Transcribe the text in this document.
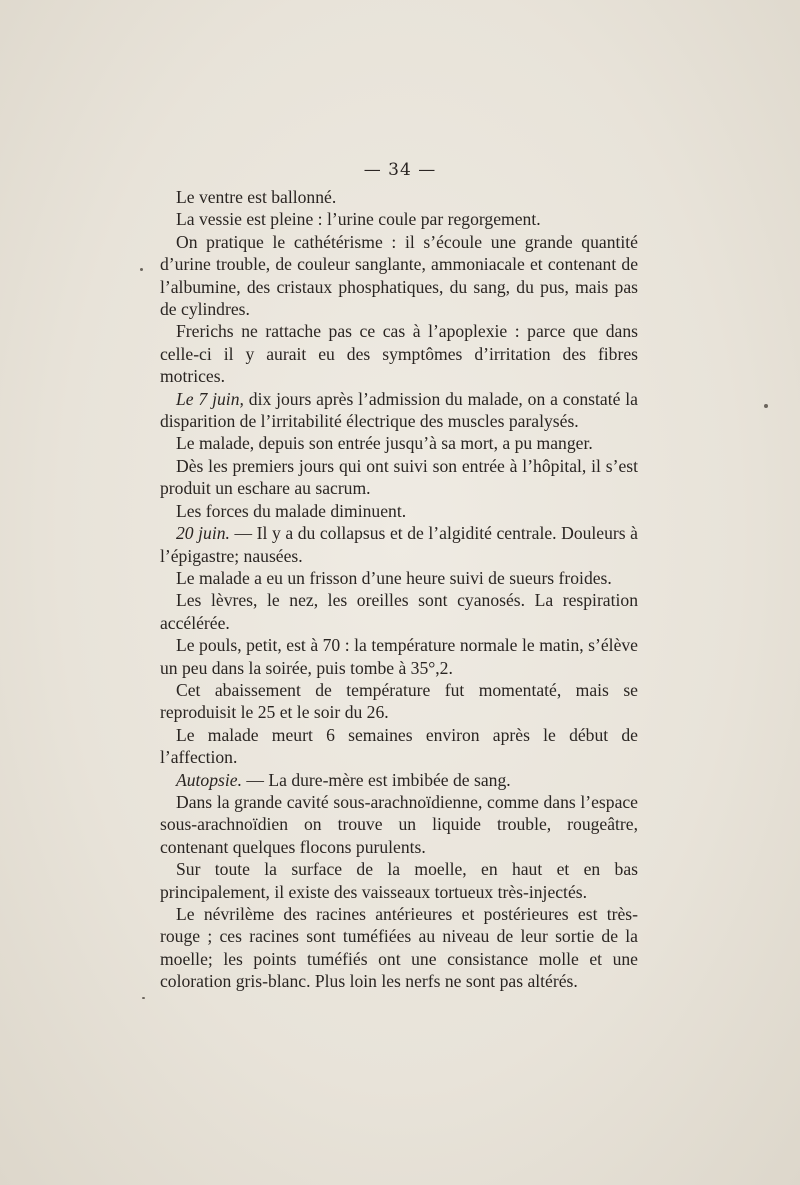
— 34 —

Le ventre est ballonné.

La vessie est pleine : l’urine coule par regorgement.

On pratique le cathétérisme : il s’écoule une grande quantité d’urine trouble, de couleur sanglante, ammoniacale et contenant de l’albumine, des cristaux phosphatiques, du sang, du pus, mais pas de cylindres.

Frerichs ne rattache pas ce cas à l’apoplexie : parce que dans celle-ci il y aurait eu des symptômes d’irritation des fibres motrices.

Le 7 juin, dix jours après l’admission du malade, on a constaté la disparition de l’irritabilité électrique des muscles paralysés.

Le malade, depuis son entrée jusqu’à sa mort, a pu manger.

Dès les premiers jours qui ont suivi son entrée à l’hôpital, il s’est produit un eschare au sacrum.

Les forces du malade diminuent.

20 juin. — Il y a du collapsus et de l’algidité centrale. Douleurs à l’épigastre; nausées.

Le malade a eu un frisson d’une heure suivi de sueurs froides.

Les lèvres, le nez, les oreilles sont cyanosés. La respiration accélérée.

Le pouls, petit, est à 70 : la température normale le matin, s’élève un peu dans la soirée, puis tombe à 35°,2.

Cet abaissement de température fut momentaté, mais se reproduisit le 25 et le soir du 26.

Le malade meurt 6 semaines environ après le début de l’affection.

Autopsie. — La dure-mère est imbibée de sang.

Dans la grande cavité sous-arachnoïdienne, comme dans l’espace sous-arachnoïdien on trouve un liquide trouble, rougeâtre, contenant quelques flocons purulents.

Sur toute la surface de la moelle, en haut et en bas principalement, il existe des vaisseaux tortueux très-injectés.

Le névrilème des racines antérieures et postérieures est très-rouge ; ces racines sont tuméfiées au niveau de leur sortie de la moelle; les points tuméfiés ont une consistance molle et une coloration gris-blanc. Plus loin les nerfs ne sont pas altérés.
